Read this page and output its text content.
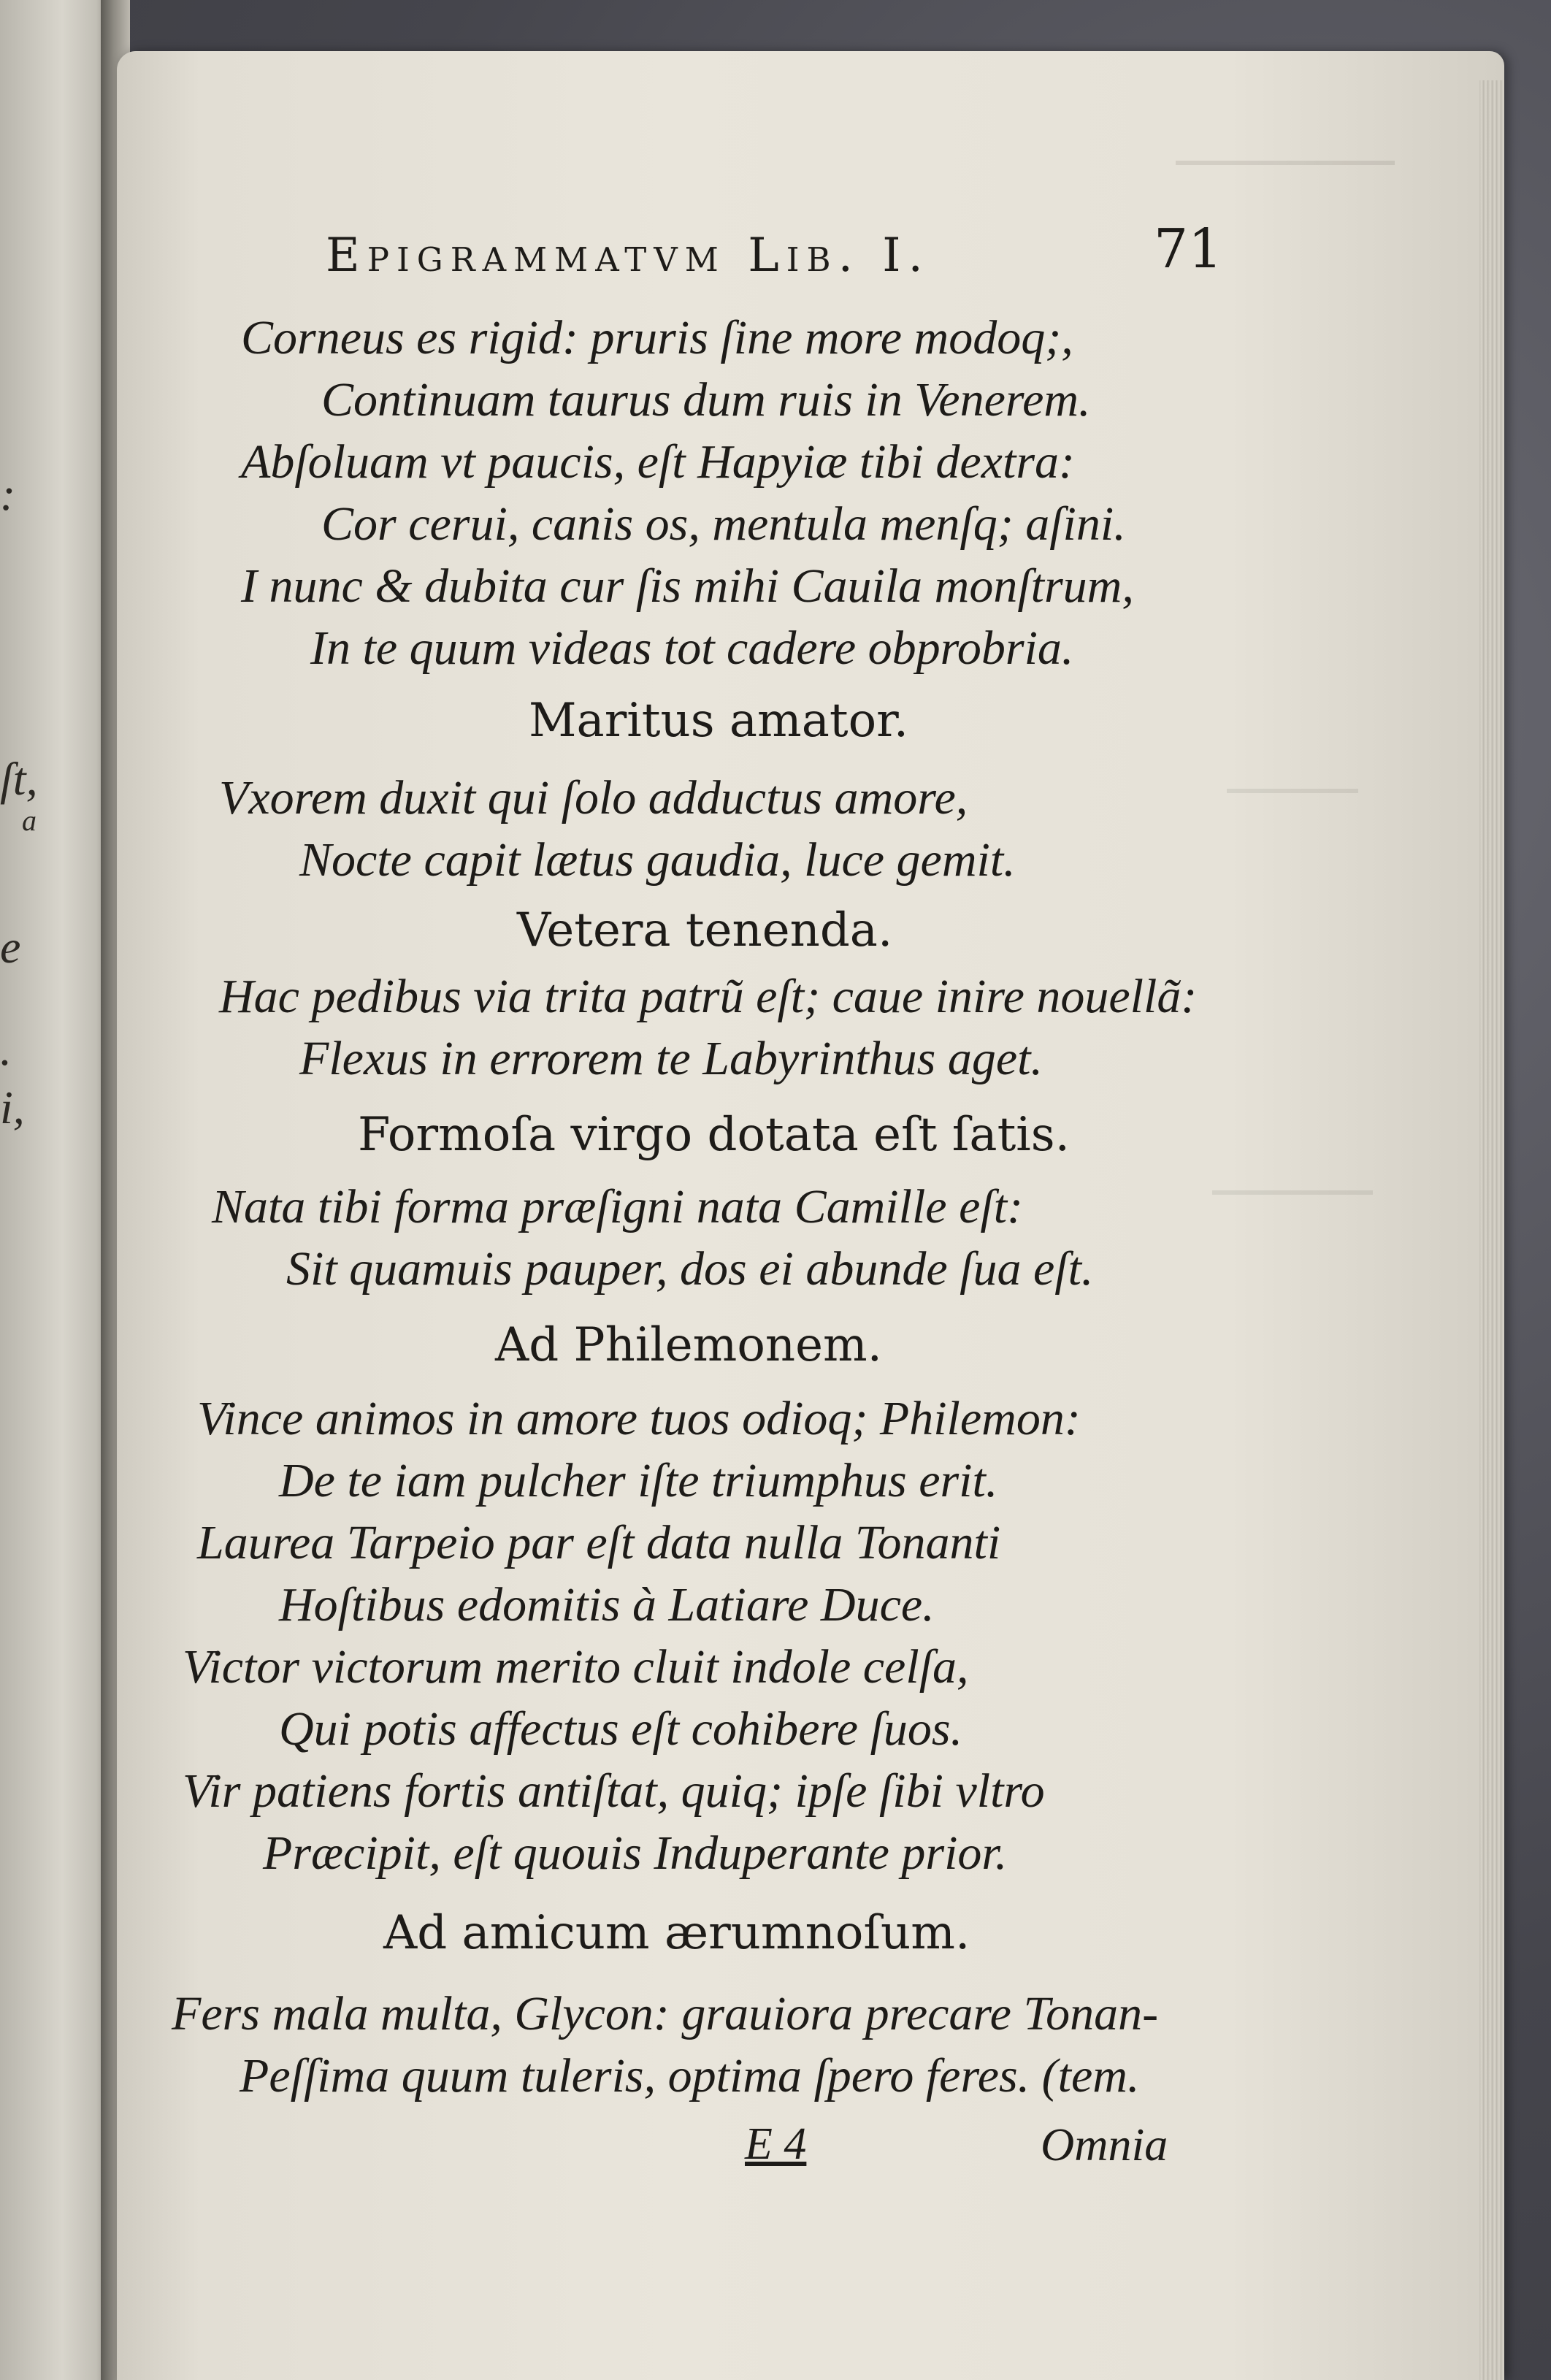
:
ſt,
a
.
i,
e
Epigrammatvm Lib. I.	71
Corneus es rigid: pruris ſine more modoq;,
Continuam taurus dum ruis in Venerem.
Abſoluam vt paucis, eſt Hapyiæ tibi dextra:
Cor cerui, canis os, mentula menſq; aſini.
I nunc & dubita cur ſis mihi Cauila monſtrum,
In te quum videas tot cadere obprobria.
Maritus amator.
Vxorem duxit qui ſolo adductus amore,
Nocte capit lætus gaudia, luce gemit.
Vetera tenenda.
Hac pedibus via trita patrũ eſt; caue inire nouellã:
Flexus in errorem te Labyrinthus aget.
Formoſa virgo dotata eſt ſatis.
Nata tibi forma præſigni nata Camille eſt:
Sit quamuis pauper, dos ei abunde ſua eſt.
Ad Philemonem.
Vince animos in amore tuos odioq; Philemon:
De te iam pulcher iſte triumphus erit.
Laurea Tarpeio par eſt data nulla Tonanti
Hoſtibus edomitis à Latiare Duce.
Victor victorum merito cluit indole celſa,
Qui potis affectus eſt cohibere ſuos.
Vir patiens fortis antiſtat, quiq; ipſe ſibi vltro
Præcipit, eſt quouis Induperante prior.
Ad amicum ærumnoſum.
Fers mala multa, Glycon: grauiora precare Tonan-
Peſſima quum tuleris, optima ſpero feres. (tem.
E 4	Omnia
